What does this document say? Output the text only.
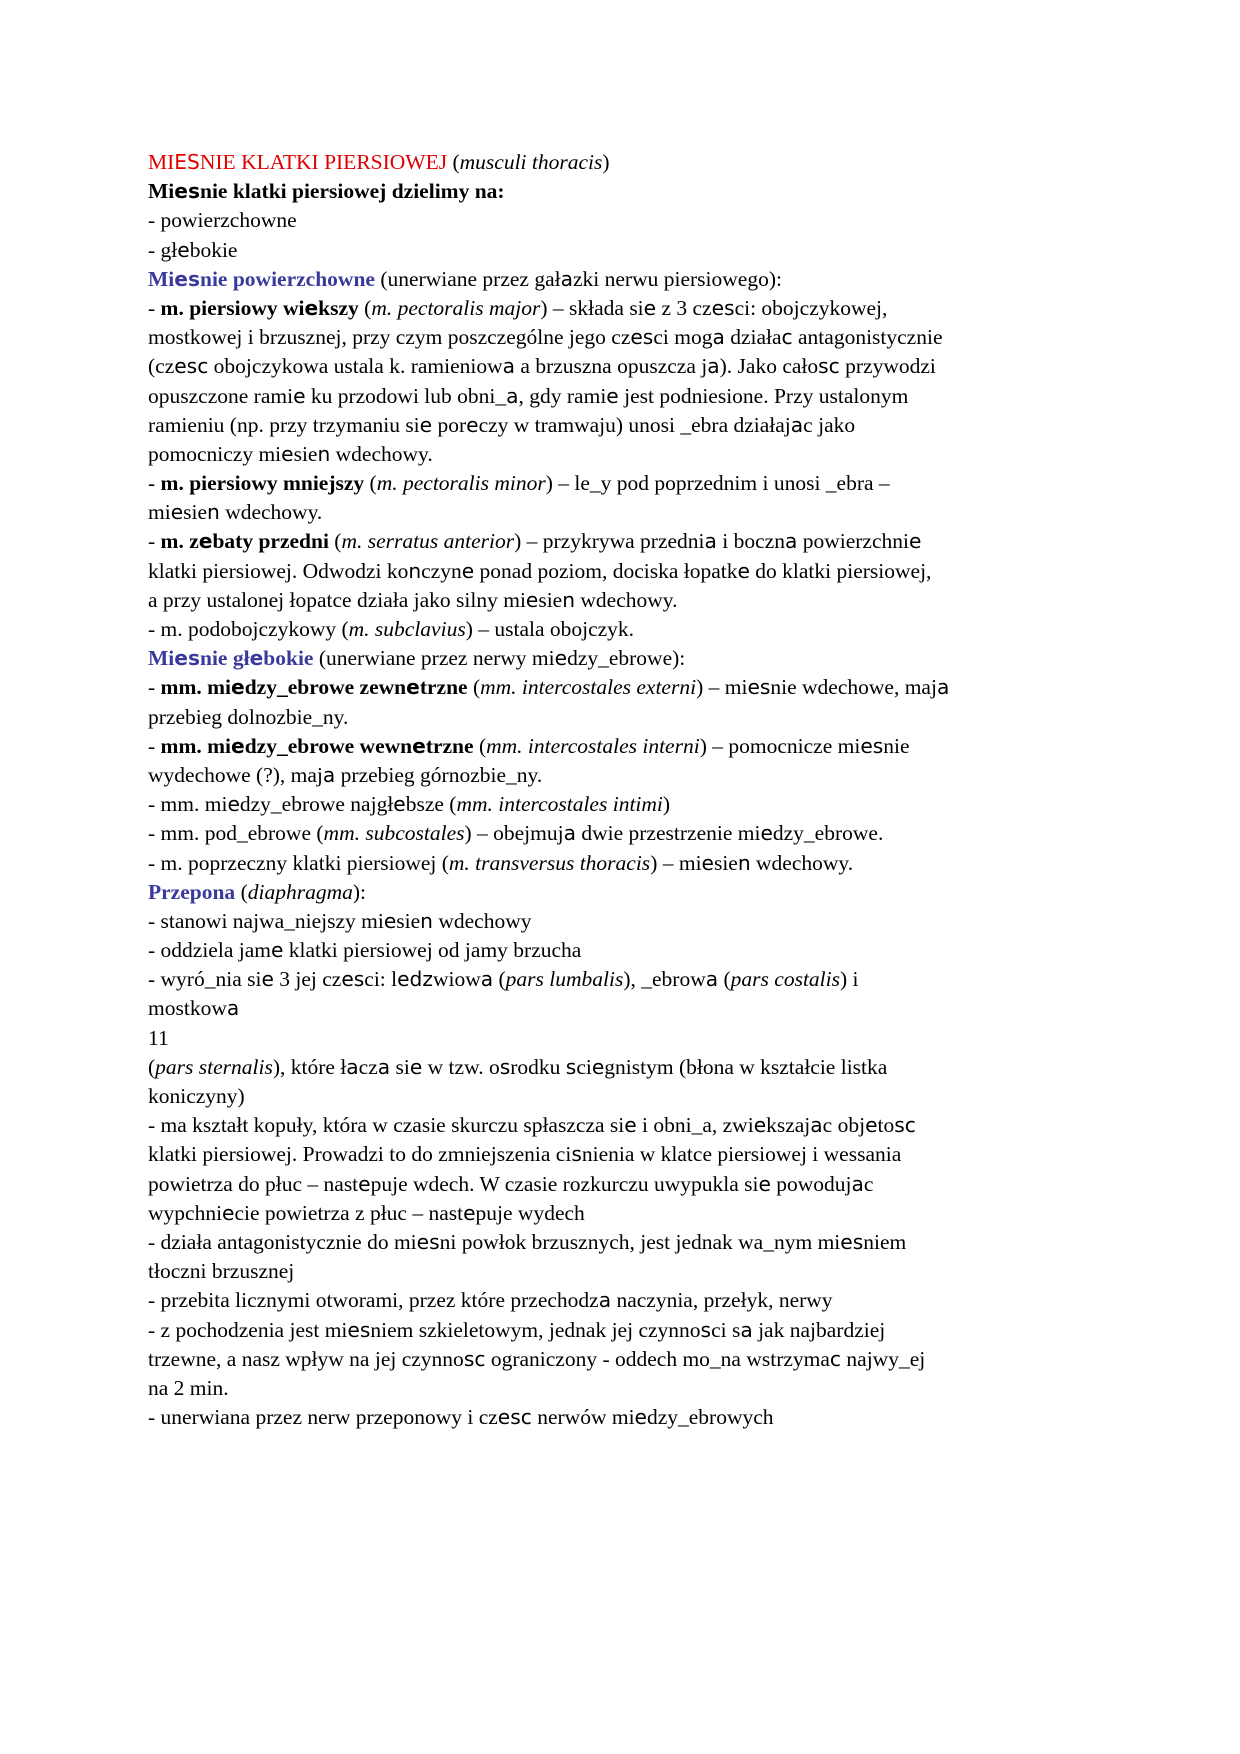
MIESNIE KLATKI PIERSIOWEJ (musculi thoracis)
Miesnie klatki piersiowej dzielimy na:
- powierzchowne
- głebokie
Miesnie powierzchowne (unerwiane przez gałazki nerwu piersiowego):
- m. piersiowy wiekszy (m. pectoralis major) – składa sie z 3 czesci: obojczykowej,
mostkowej i brzusznej, przy czym poszczególne jego czesci moga działac antagonistycznie
(czesc obojczykowa ustala k. ramieniowa a brzuszna opuszcza ja). Jako całosc przywodzi
opuszczone ramie ku przodowi lub obni_a, gdy ramie jest podniesione. Przy ustalonym
ramieniu (np. przy trzymaniu sie poreczy w tramwaju) unosi _ebra działajac jako
pomocniczy miesien wdechowy.
- m. piersiowy mniejszy (m. pectoralis minor) – le_y pod poprzednim i unosi _ebra –
miesien wdechowy.
- m. zebaty przedni (m. serratus anterior) – przykrywa przednia i boczna powierzchnie
klatki piersiowej. Odwodzi konczyne ponad poziom, dociska łopatke do klatki piersiowej,
a przy ustalonej łopatce działa jako silny miesien wdechowy.
- m. podobojczykowy (m. subclavius) – ustala obojczyk.
Miesnie głebokie (unerwiane przez nerwy miedzy_ebrowe):
- mm. miedzy_ebrowe zewnetrzne (mm. intercostales externi) – miesnie wdechowe, maja
przebieg dolnozbie_ny.
- mm. miedzy_ebrowe wewnetrzne (mm. intercostales interni) – pomocnicze miesnie
wydechowe (?), maja przebieg górnozbie_ny.
- mm. miedzy_ebrowe najgłebsze (mm. intercostales intimi)
- mm. pod_ebrowe (mm. subcostales) – obejmuja dwie przestrzenie miedzy_ebrowe.
- m. poprzeczny klatki piersiowej (m. transversus thoracis) – miesien wdechowy.
Przepona (diaphragma):
- stanowi najwa_niejszy miesien wdechowy
- oddziela jame klatki piersiowej od jamy brzucha
- wyró_nia sie 3 jej czesci: ledzwiowa (pars lumbalis), _ebrowa (pars costalis) i
mostkowa
11
(pars sternalis), które łacza sie w tzw. osrodku sciegnistym (błona w kształcie listka
koniczyny)
- ma kształt kopuły, która w czasie skurczu spłaszcza sie i obni_a, zwiekszajac objetosc
klatki piersiowej. Prowadzi to do zmniejszenia cisnienia w klatce piersiowej i wessania
powietrza do płuc – nastepuje wdech. W czasie rozkurczu uwypukla sie powodujac
wypchniecie powietrza z płuc – nastepuje wydech
- działa antagonistycznie do miesni powłok brzusznych, jest jednak wa_nym miesniem
tłoczni brzusznej
- przebita licznymi otworami, przez które przechodza naczynia, przełyk, nerwy
- z pochodzenia jest miesniem szkieletowym, jednak jej czynnosci sa jak najbardziej
trzewne, a nasz wpływ na jej czynnosc ograniczony - oddech mo_na wstrzymac najwy_ej
na 2 min.
- unerwiana przez nerw przeponowy i czesc nerwów miedzy_ebrowych
